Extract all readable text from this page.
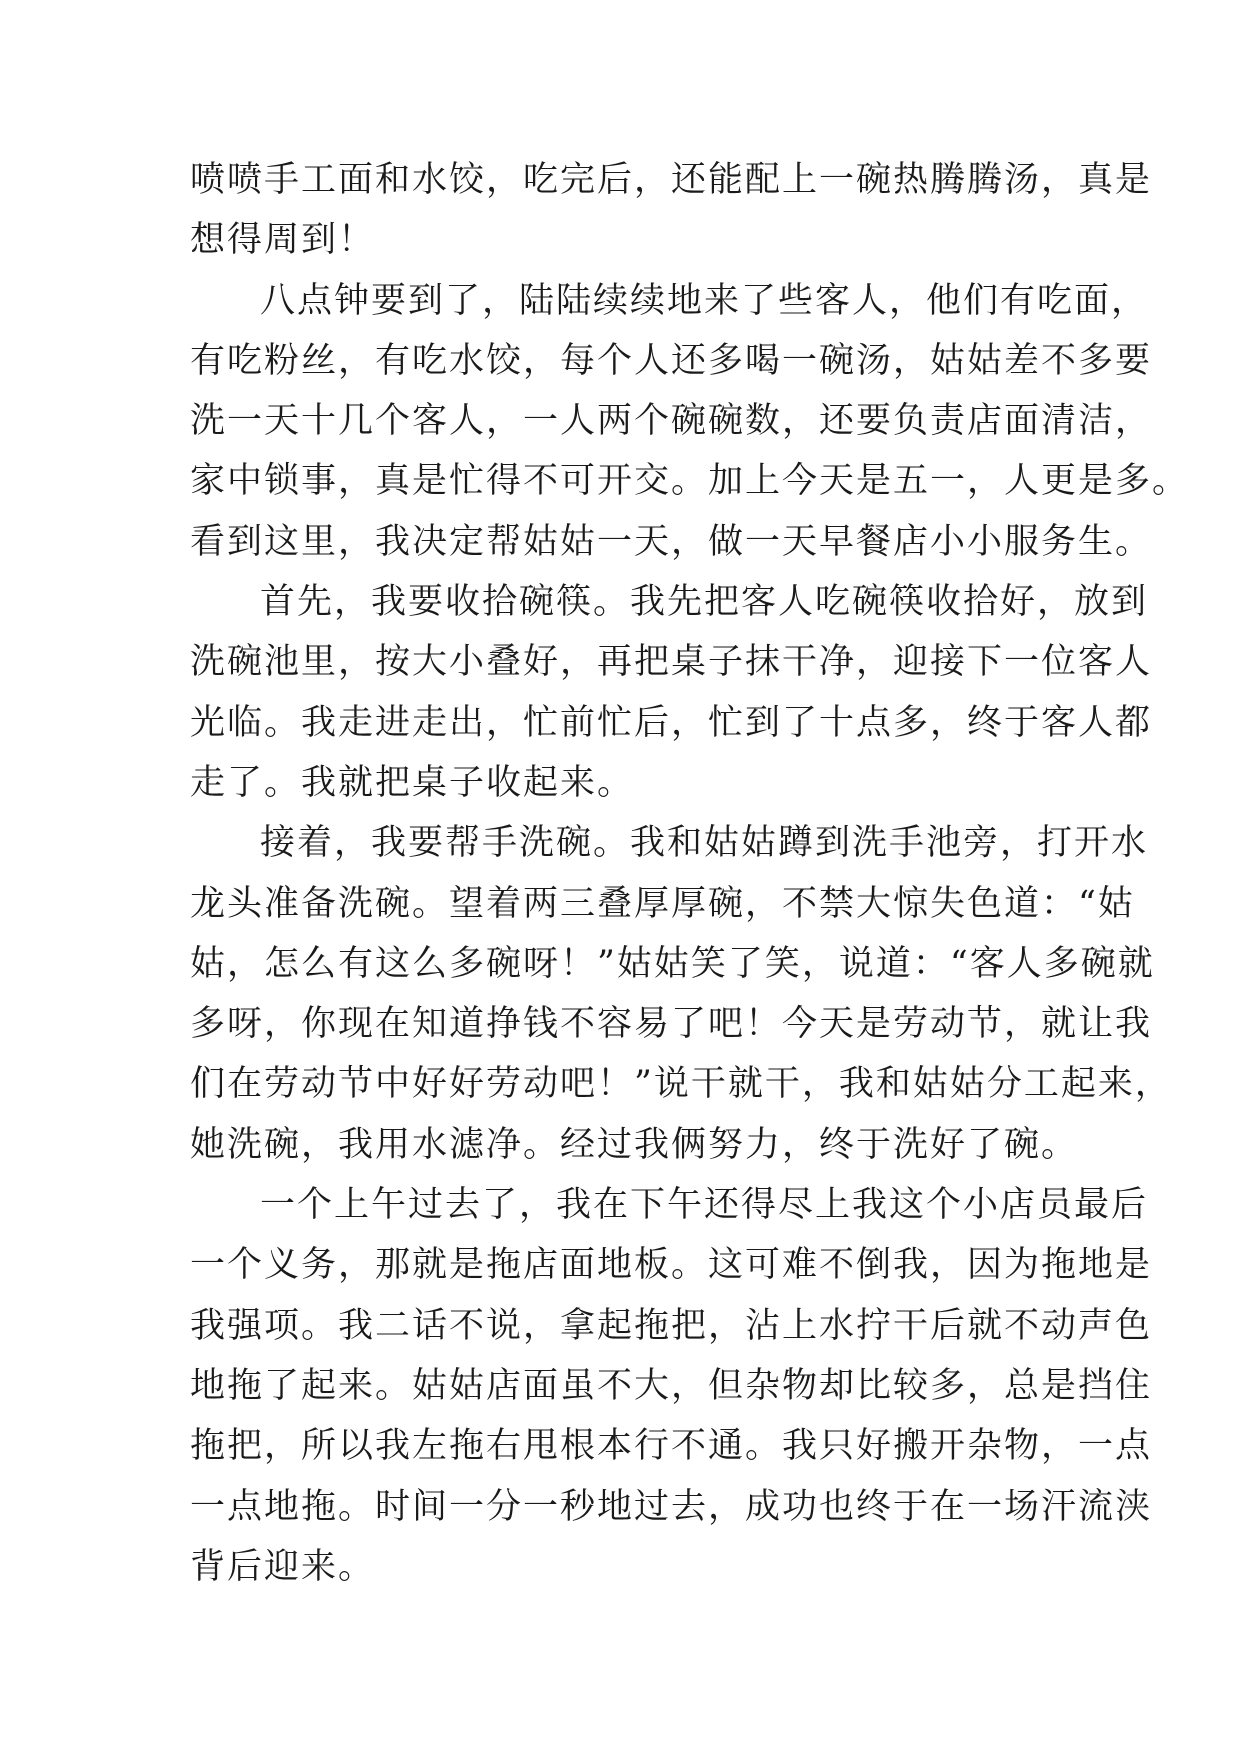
喷喷手工面和水饺，吃完后，还能配上一碗热腾腾汤，真是
想得周到！
八点钟要到了，陆陆续续地来了些客人，他们有吃面，
有吃粉丝，有吃水饺，每个人还多喝一碗汤，姑姑差不多要
洗一天十几个客人，一人两个碗碗数，还要负责店面清洁，
家中锁事，真是忙得不可开交。加上今天是五一，人更是多。
看到这里，我决定帮姑姑一天，做一天早餐店小小服务生。
首先，我要收拾碗筷。我先把客人吃碗筷收拾好，放到
洗碗池里，按大小叠好，再把桌子抹干净，迎接下一位客人
光临。我走进走出，忙前忙后，忙到了十点多，终于客人都
走了。我就把桌子收起来。
接着，我要帮手洗碗。我和姑姑蹲到洗手池旁，打开水
龙头准备洗碗。望着两三叠厚厚碗，不禁大惊失色道：“姑
姑，怎么有这么多碗呀！”姑姑笑了笑，说道：“客人多碗就
多呀，你现在知道挣钱不容易了吧！今天是劳动节，就让我
们在劳动节中好好劳动吧！”说干就干，我和姑姑分工起来，
她洗碗，我用水滤净。经过我俩努力，终于洗好了碗。
一个上午过去了，我在下午还得尽上我这个小店员最后
一个义务，那就是拖店面地板。这可难不倒我，因为拖地是
我强项。我二话不说，拿起拖把，沾上水拧干后就不动声色
地拖了起来。姑姑店面虽不大，但杂物却比较多，总是挡住
拖把，所以我左拖右甩根本行不通。我只好搬开杂物，一点
一点地拖。时间一分一秒地过去，成功也终于在一场汗流浃
背后迎来。
